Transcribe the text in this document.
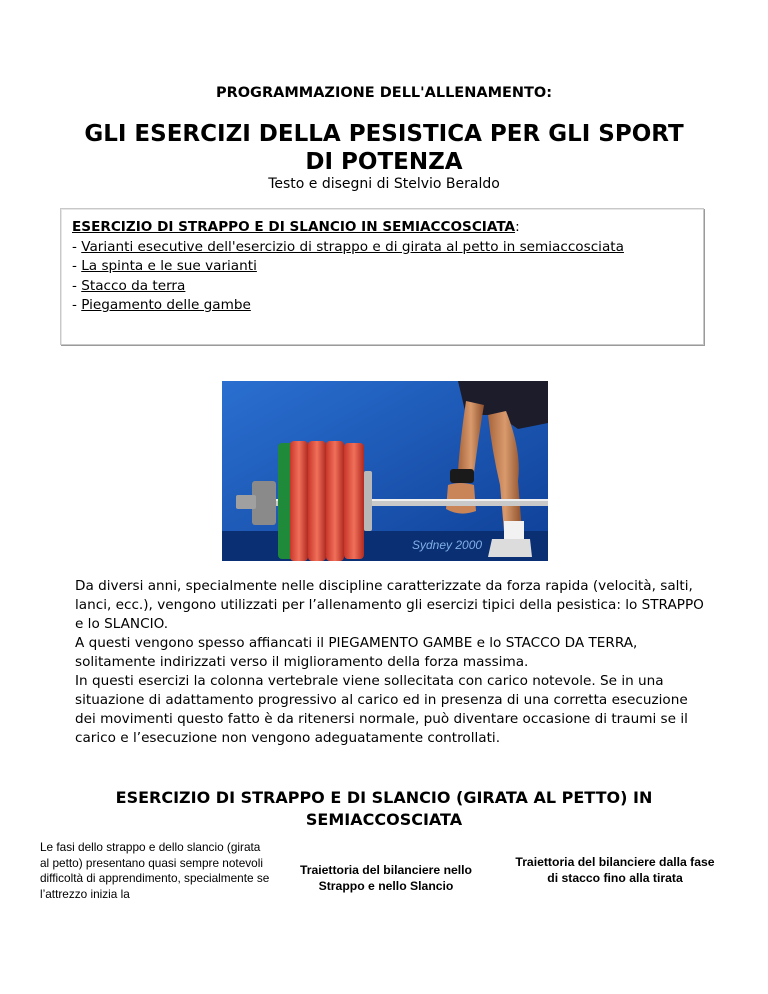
PROGRAMMAZIONE DELL'ALLENAMENTO:
GLI ESERCIZI DELLA PESISTICA PER GLI SPORT DI POTENZA
Testo e disegni di Stelvio Beraldo
ESERCIZIO DI STRAPPO E DI SLANCIO IN SEMIACCOSCIATA:
- Varianti esecutive dell'esercizio di strappo e di girata al petto in semiaccosciata
- La spinta e le sue varianti
- Stacco da terra
- Piegamento delle gambe
Sydney 2000

Da diversi anni, specialmente nelle discipline caratterizzate da forza rapida (velocità, salti, lanci, ecc.), vengono utilizzati per l’allenamento gli esercizi tipici della pesistica: lo STRAPPO e lo SLANCIO.

A questi vengono spesso affiancati il PIEGAMENTO GAMBE e lo STACCO DA TERRA, solitamente indirizzati verso il miglioramento della forza massima.

In questi esercizi la colonna vertebrale viene sollecitata con carico notevole. Se in una situazione di adattamento progressivo al carico ed in presenza di una corretta esecuzione dei movimenti questo fatto è da ritenersi normale, può diventare occasione di traumi se il carico e l’esecuzione non vengono adeguatamente controllati.

ESERCIZIO DI STRAPPO E DI SLANCIO (GIRATA AL PETTO) IN SEMIACCOSCIATA
Le fasi dello strappo e dello slancio (girata al petto) presentano quasi sempre notevoli difficoltà di apprendimento, specialmente se l’attrezzo inizia la
Traiettoria del bilanciere nello Strappo e nello Slancio
Traiettoria del bilanciere dalla fase di stacco fino alla tirata
